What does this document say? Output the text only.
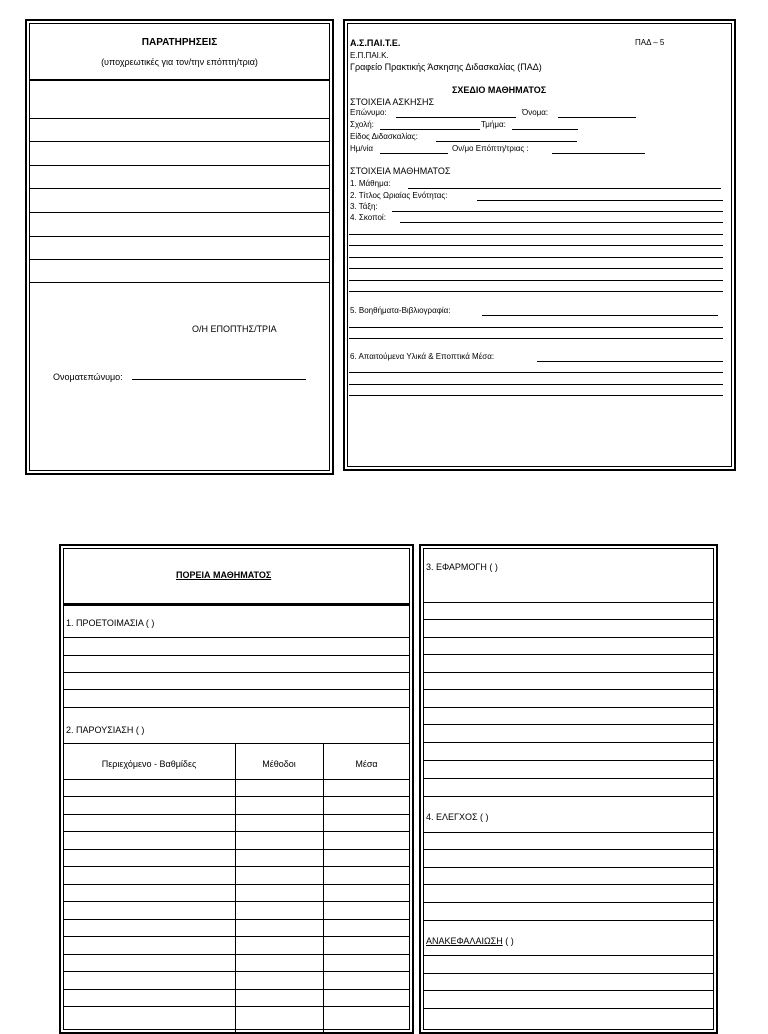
ΠΑΡΑΤΗΡΗΣΕΙΣ
(υποχρεωτικές για τον/την επόπτη/τρια)
Ο/Η ΕΠΟΠΤΗΣ/ΤΡΙΑ
Ονοματεπώνυμο:
Α.Σ.ΠΑΙ.Τ.Ε.	ΠΑΔ – 5
Ε.Π.ΠΑΙ.Κ.
Γραφείο Πρακτικής Άσκησης Διδασκαλίας (ΠΑΔ)
ΣΧΕΔΙΟ ΜΑΘΗΜΑΤΟΣ
ΣΤΟΙΧΕΙΑ ΑΣΚΗΣΗΣ
Επώνυμο:	Όνομα:
Σχολή:	Τμήμα:
Είδος Διδασκαλίας:
Ημ/νία	Ον/μο Επόπτη/τριας :
ΣΤΟΙΧΕΙΑ ΜΑΘΗΜΑΤΟΣ
1. Μάθημα:
2. Τίτλος Ωριαίας Ενότητας:
3. Τάξη:
4. Σκοποί:
5. Βοηθήματα-Βιβλιογραφία:
6. Απαιτούμενα Υλικά & Εποπτικά Μέσα:
ΠΟΡΕΙΑ ΜΑΘΗΜΑΤΟΣ
1. ΠΡΟΕΤΟΙΜΑΣΙΑ ( )
2. ΠΑΡΟΥΣΙΑΣΗ ( )
Περιεχόμενο - Βαθμίδες	Μέθοδοι	Μέσα
3. ΕΦΑΡΜΟΓΗ ( )
4. ΕΛΕΓΧΟΣ ( )
ΑΝΑΚΕΦΑΛΑΙΩΣΗ ( )
